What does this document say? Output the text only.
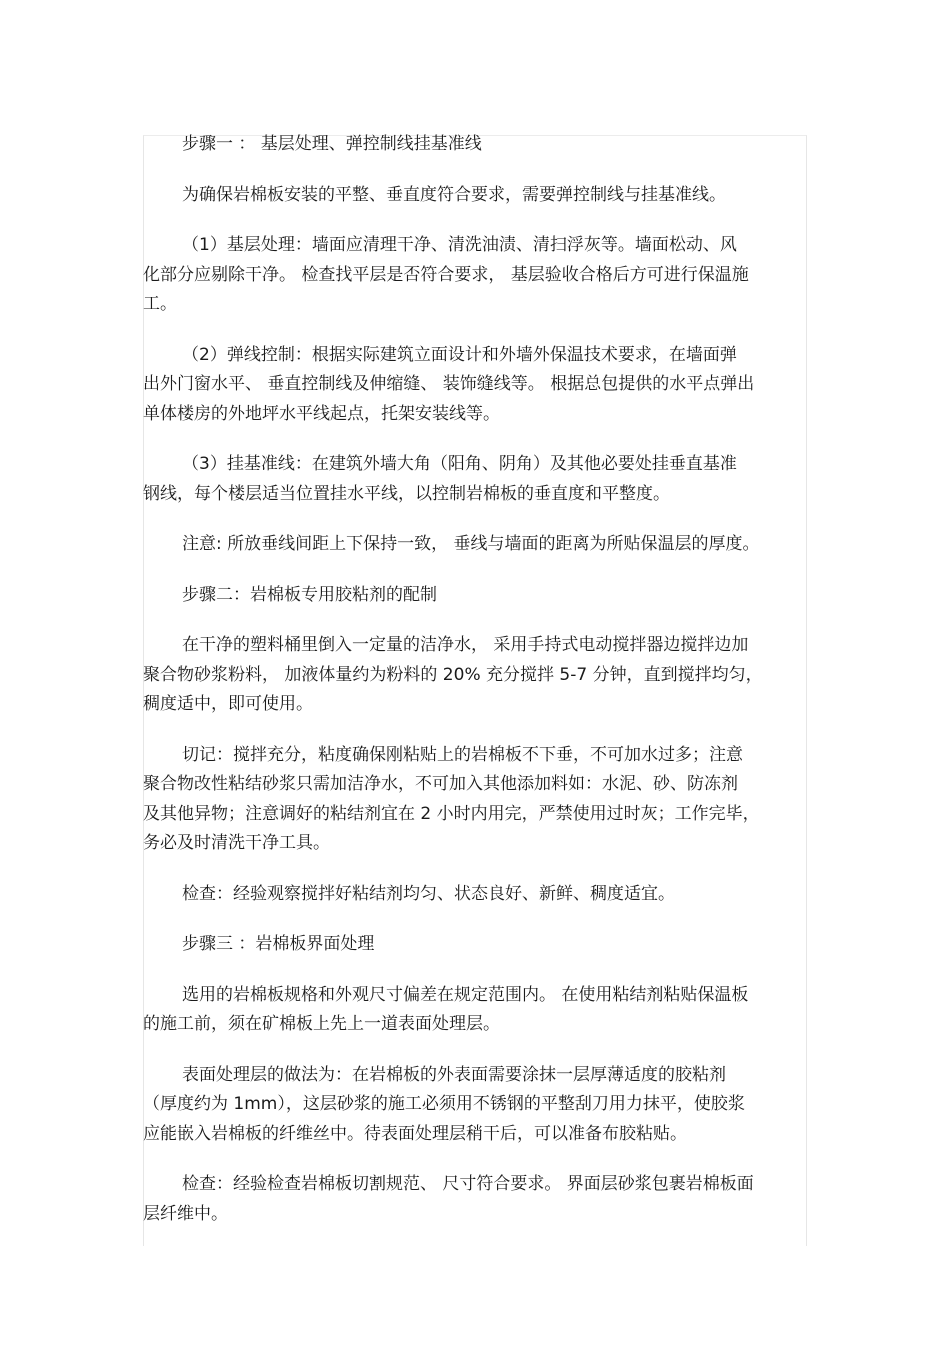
步骤一 ： 基层处理、弹控制线挂基准线
为确保岩棉板安装的平整、垂直度符合要求，需要弹控制线与挂基准线。
（1）基层处理：墙面应清理干净、清洗油渍、清扫浮灰等。墙面松动、风
化部分应剔除干净。 检查找平层是否符合要求， 基层验收合格后方可进行保温施
工。
（2）弹线控制：根据实际建筑立面设计和外墙外保温技术要求，在墙面弹
出外门窗水平、 垂直控制线及伸缩缝、 装饰缝线等。 根据总包提供的水平点弹出
单体楼房的外地坪水平线起点，托架安装线等。
（3）挂基准线：在建筑外墙大角（阳角、阴角）及其他必要处挂垂直基准
钢线，每个楼层适当位置挂水平线，以控制岩棉板的垂直度和平整度。
注意: 所放垂线间距上下保持一致， 垂线与墙面的距离为所贴保温层的厚度。
步骤二：岩棉板专用胶粘剂的配制
在干净的塑料桶里倒入一定量的洁净水， 采用手持式电动搅拌器边搅拌边加
聚合物砂浆粉料， 加液体量约为粉料的 20% 充分搅拌 5-7 分钟，直到搅拌均匀，
稠度适中，即可使用。
切记：搅拌充分，粘度确保刚粘贴上的岩棉板不下垂，不可加水过多；注意
聚合物改性粘结砂浆只需加洁净水，不可加入其他添加料如：水泥、砂、防冻剂
及其他异物；注意调好的粘结剂宜在 2 小时内用完，严禁使用过时灰；工作完毕，
务必及时清洗干净工具。
检查：经验观察搅拌好粘结剂均匀、状态良好、新鲜、稠度适宜。
步骤三 ：岩棉板界面处理
选用的岩棉板规格和外观尺寸偏差在规定范围内。 在使用粘结剂粘贴保温板
的施工前，须在矿棉板上先上一道表面处理层。
表面处理层的做法为：在岩棉板的外表面需要涂抹一层厚薄适度的胶粘剂
（厚度约为 1mm），这层砂浆的施工必须用不锈钢的平整刮刀用力抹平，使胶浆
应能嵌入岩棉板的纤维丝中。待表面处理层稍干后，可以准备布胶粘贴。
检查：经验检查岩棉板切割规范、 尺寸符合要求。 界面层砂浆包裹岩棉板面
层纤维中。
